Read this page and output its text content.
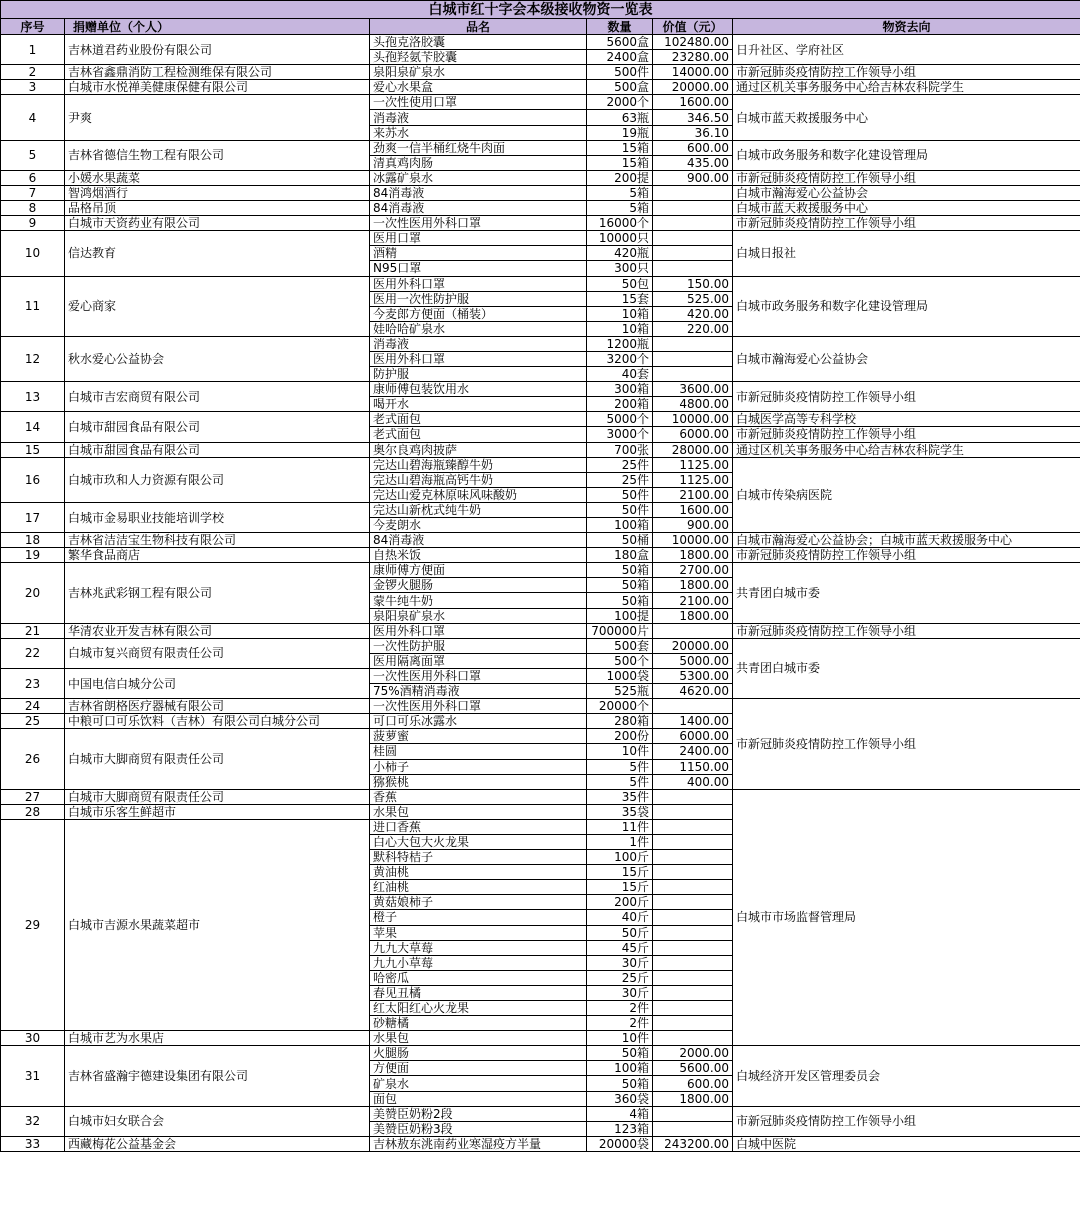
白城市红十字会本级接收物资一览表					
序号	捐赠单位（个人）	品名	数量	价值（元）	物资去向
1	吉林道君药业股份有限公司	头孢克洛胶囊	5600盒	102480.00	日升社区、学府社区
		头孢羟氨苄胶囊	2400盒	23280.00	
2	吉林省鑫鼎消防工程检测维保有限公司	泉阳泉矿泉水	500件	14000.00	市新冠肺炎疫情防控工作领导小组
3	白城市水悦禅美健康保健有限公司	爱心水果盒	500盒	20000.00	通过区机关事务服务中心给吉林农科院学生
4	尹爽	一次性使用口罩	2000个	1600.00	白城市蓝天救援服务中心
		消毒液	63瓶	346.50	
		来苏水	19瓶	36.10	
5	吉林省德信生物工程有限公司	劲爽一信半桶红烧牛肉面	15箱	600.00	白城市政务服务和数字化建设管理局
		清真鸡肉肠	15箱	435.00	
6	小媛水果蔬菜	冰露矿泉水	200提	900.00	市新冠肺炎疫情防控工作领导小组
7	智鸿烟酒行	84消毒液	5箱		白城市瀚海爱心公益协会
8	品格吊顶	84消毒液	5箱		白城市蓝天救援服务中心
9	白城市天资药业有限公司	一次性医用外科口罩	16000个		市新冠肺炎疫情防控工作领导小组
10	信达教育	医用口罩	10000只		白城日报社
		酒精	420瓶		
		N95口罩	300只		
11	爱心商家	医用外科口罩	50包	150.00	白城市政务服务和数字化建设管理局
		医用一次性防护服	15套	525.00	
		今麦郎方便面（桶装）	10箱	420.00	
		娃哈哈矿泉水	10箱	220.00	
12	秋水爱心公益协会	消毒液	1200瓶		白城市瀚海爱心公益协会
		医用外科口罩	3200个		
		防护服	40套		
13	白城市吉宏商贸有限公司	康师傅包装饮用水	300箱	3600.00	市新冠肺炎疫情防控工作领导小组
		喝开水	200箱	4800.00	
14	白城市甜园食品有限公司	老式面包	5000个	10000.00	白城医学高等专科学校
		老式面包	3000个	6000.00	市新冠肺炎疫情防控工作领导小组
15	白城市甜园食品有限公司	奥尔良鸡肉披萨	700张	28000.00	通过区机关事务服务中心给吉林农科院学生
16	白城市玖和人力资源有限公司	完达山碧海瓶臻醇牛奶	25件	1125.00	白城市传染病医院
		完达山碧海瓶高钙牛奶	25件	1125.00	
		完达山爱克林原味风味酸奶	50件	2100.00	
17	白城市金易职业技能培训学校	完达山新枕式纯牛奶	50件	1600.00	
		今麦朗水	100箱	900.00	
18	吉林省洁洁宝生物科技有限公司	84消毒液	50桶	10000.00	白城市瀚海爱心公益协会；白城市蓝天救援服务中心
19	繁华食品商店	自热米饭	180盒	1800.00	市新冠肺炎疫情防控工作领导小组
20	吉林兆武彩钢工程有限公司	康师傅方便面	50箱	2700.00	共青团白城市委
		金锣火腿肠	50箱	1800.00	
		蒙牛纯牛奶	50箱	2100.00	
		泉阳泉矿泉水	100提	1800.00	
21	华清农业开发吉林有限公司	医用外科口罩	700000片		市新冠肺炎疫情防控工作领导小组
22	白城市复兴商贸有限责任公司	一次性防护服	500套	20000.00	共青团白城市委
		医用隔离面罩	500个	5000.00	
23	中国电信白城分公司	一次性医用外科口罩	1000袋	5300.00	
		75%酒精消毒液	525瓶	4620.00	
24	吉林省朗格医疗器械有限公司	一次性医用外科口罩	20000个		市新冠肺炎疫情防控工作领导小组
25	中粮可口可乐饮料（吉林）有限公司白城分公司	可口可乐冰露水	280箱	1400.00	
26	白城市大脚商贸有限责任公司	菠萝蜜	200份	6000.00	
		桂圆	10件	2400.00	
		小柿子	5件	1150.00	
		猕猴桃	5件	400.00	
27	白城市大脚商贸有限责任公司	香蕉	35件		白城市市场监督管理局
28	白城市乐客生鲜超市	水果包	35袋		
29	白城市吉源水果蔬菜超市	进口香蕉	11件		
		白心大包大火龙果	1件		
		默科特桔子	100斤		
		黄油桃	15斤		
		红油桃	15斤		
		黄菇娘柿子	200斤		
		橙子	40斤		
		苹果	50斤		
		九九大草莓	45斤		
		九九小草莓	30斤		
		哈密瓜	25斤		
		春见丑橘	30斤		
		红太阳红心火龙果	2件		
		砂糖橘	2件		
30	白城市艺为水果店	水果包	10件		
31	吉林省盛瀚宇德建设集团有限公司	火腿肠	50箱	2000.00	白城经济开发区管理委员会
		方便面	100箱	5600.00	
		矿泉水	50箱	600.00	
		面包	360袋	1800.00	
32	白城市妇女联合会	美赞臣奶粉2段	4箱		市新冠肺炎疫情防控工作领导小组
		美赞臣奶粉3段	123箱		
33	西藏梅花公益基金会	吉林敖东洮南药业寒湿疫方半量	20000袋	243200.00	白城中医院
